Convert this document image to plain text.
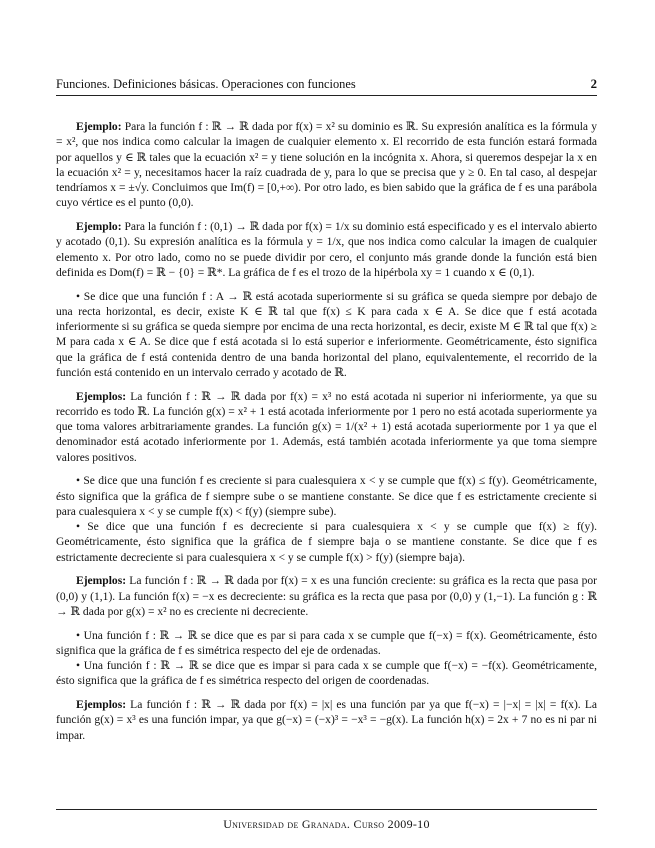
Funciones. Definiciones básicas. Operaciones con funciones	2

Ejemplo: Para la función f : ℝ → ℝ dada por f(x) = x² su dominio es ℝ. Su expresión analítica es la fórmula y = x², que nos indica como calcular la imagen de cualquier elemento x. El recorrido de esta función estará formada por aquellos y ∈ ℝ tales que la ecuación x² = y tiene solución en la incógnita x. Ahora, si queremos despejar la x en la ecuación x² = y, necesitamos hacer la raíz cuadrada de y, para lo que se precisa que y ≥ 0. En tal caso, al despejar tendríamos x = ±√y. Concluimos que Im(f) = [0,+∞). Por otro lado, es bien sabido que la gráfica de f es una parábola cuyo vértice es el punto (0,0).

Ejemplo: Para la función f : (0,1) → ℝ dada por f(x) = 1/x su dominio está especificado y es el intervalo abierto y acotado (0,1). Su expresión analítica es la fórmula y = 1/x, que nos indica como calcular la imagen de cualquier elemento x. Por otro lado, como no se puede dividir por cero, el conjunto más grande donde la función está bien definida es Dom(f) = ℝ − {0} = ℝ*. La gráfica de f es el trozo de la hipérbola xy = 1 cuando x ∈ (0,1).

• Se dice que una función f : A → ℝ está acotada superiormente si su gráfica se queda siempre por debajo de una recta horizontal, es decir, existe K ∈ ℝ tal que f(x) ≤ K para cada x ∈ A. Se dice que f está acotada inferiormente si su gráfica se queda siempre por encima de una recta horizontal, es decir, existe M ∈ ℝ tal que f(x) ≥ M para cada x ∈ A. Se dice que f está acotada si lo está superior e inferiormente. Geométricamente, ésto significa que la gráfica de f está contenida dentro de una banda horizontal del plano, equivalentemente, el recorrido de la función está contenido en un intervalo cerrado y acotado de ℝ.

Ejemplos: La función f : ℝ → ℝ dada por f(x) = x³ no está acotada ni superior ni inferiormente, ya que su recorrido es todo ℝ. La función g(x) = x² + 1 está acotada inferiormente por 1 pero no está acotada superiormente ya que toma valores arbitrariamente grandes. La función g(x) = 1/(x² + 1) está acotada superiormente por 1 ya que el denominador está acotado inferiormente por 1. Además, está también acotada inferiormente ya que toma siempre valores positivos.

• Se dice que una función f es creciente si para cualesquiera x < y se cumple que f(x) ≤ f(y). Geométricamente, ésto significa que la gráfica de f siempre sube o se mantiene constante. Se dice que f es estrictamente creciente si para cualesquiera x < y se cumple f(x) < f(y) (siempre sube).

• Se dice que una función f es decreciente si para cualesquiera x < y se cumple que f(x) ≥ f(y). Geométricamente, ésto significa que la gráfica de f siempre baja o se mantiene constante. Se dice que f es estrictamente decreciente si para cualesquiera x < y se cumple f(x) > f(y) (siempre baja).

Ejemplos: La función f : ℝ → ℝ dada por f(x) = x es una función creciente: su gráfica es la recta que pasa por (0,0) y (1,1). La función f(x) = −x es decreciente: su gráfica es la recta que pasa por (0,0) y (1,−1). La función g : ℝ → ℝ dada por g(x) = x² no es creciente ni decreciente.

• Una función f : ℝ → ℝ se dice que es par si para cada x se cumple que f(−x) = f(x). Geométricamente, ésto significa que la gráfica de f es simétrica respecto del eje de ordenadas.

• Una función f : ℝ → ℝ se dice que es impar si para cada x se cumple que f(−x) = −f(x). Geométricamente, ésto significa que la gráfica de f es simétrica respecto del origen de coordenadas.

Ejemplos: La función f : ℝ → ℝ dada por f(x) = |x| es una función par ya que f(−x) = |−x| = |x| = f(x). La función g(x) = x³ es una función impar, ya que g(−x) = (−x)³ = −x³ = −g(x). La función h(x) = 2x + 7 no es ni par ni impar.

Universidad de Granada. Curso 2009-10
